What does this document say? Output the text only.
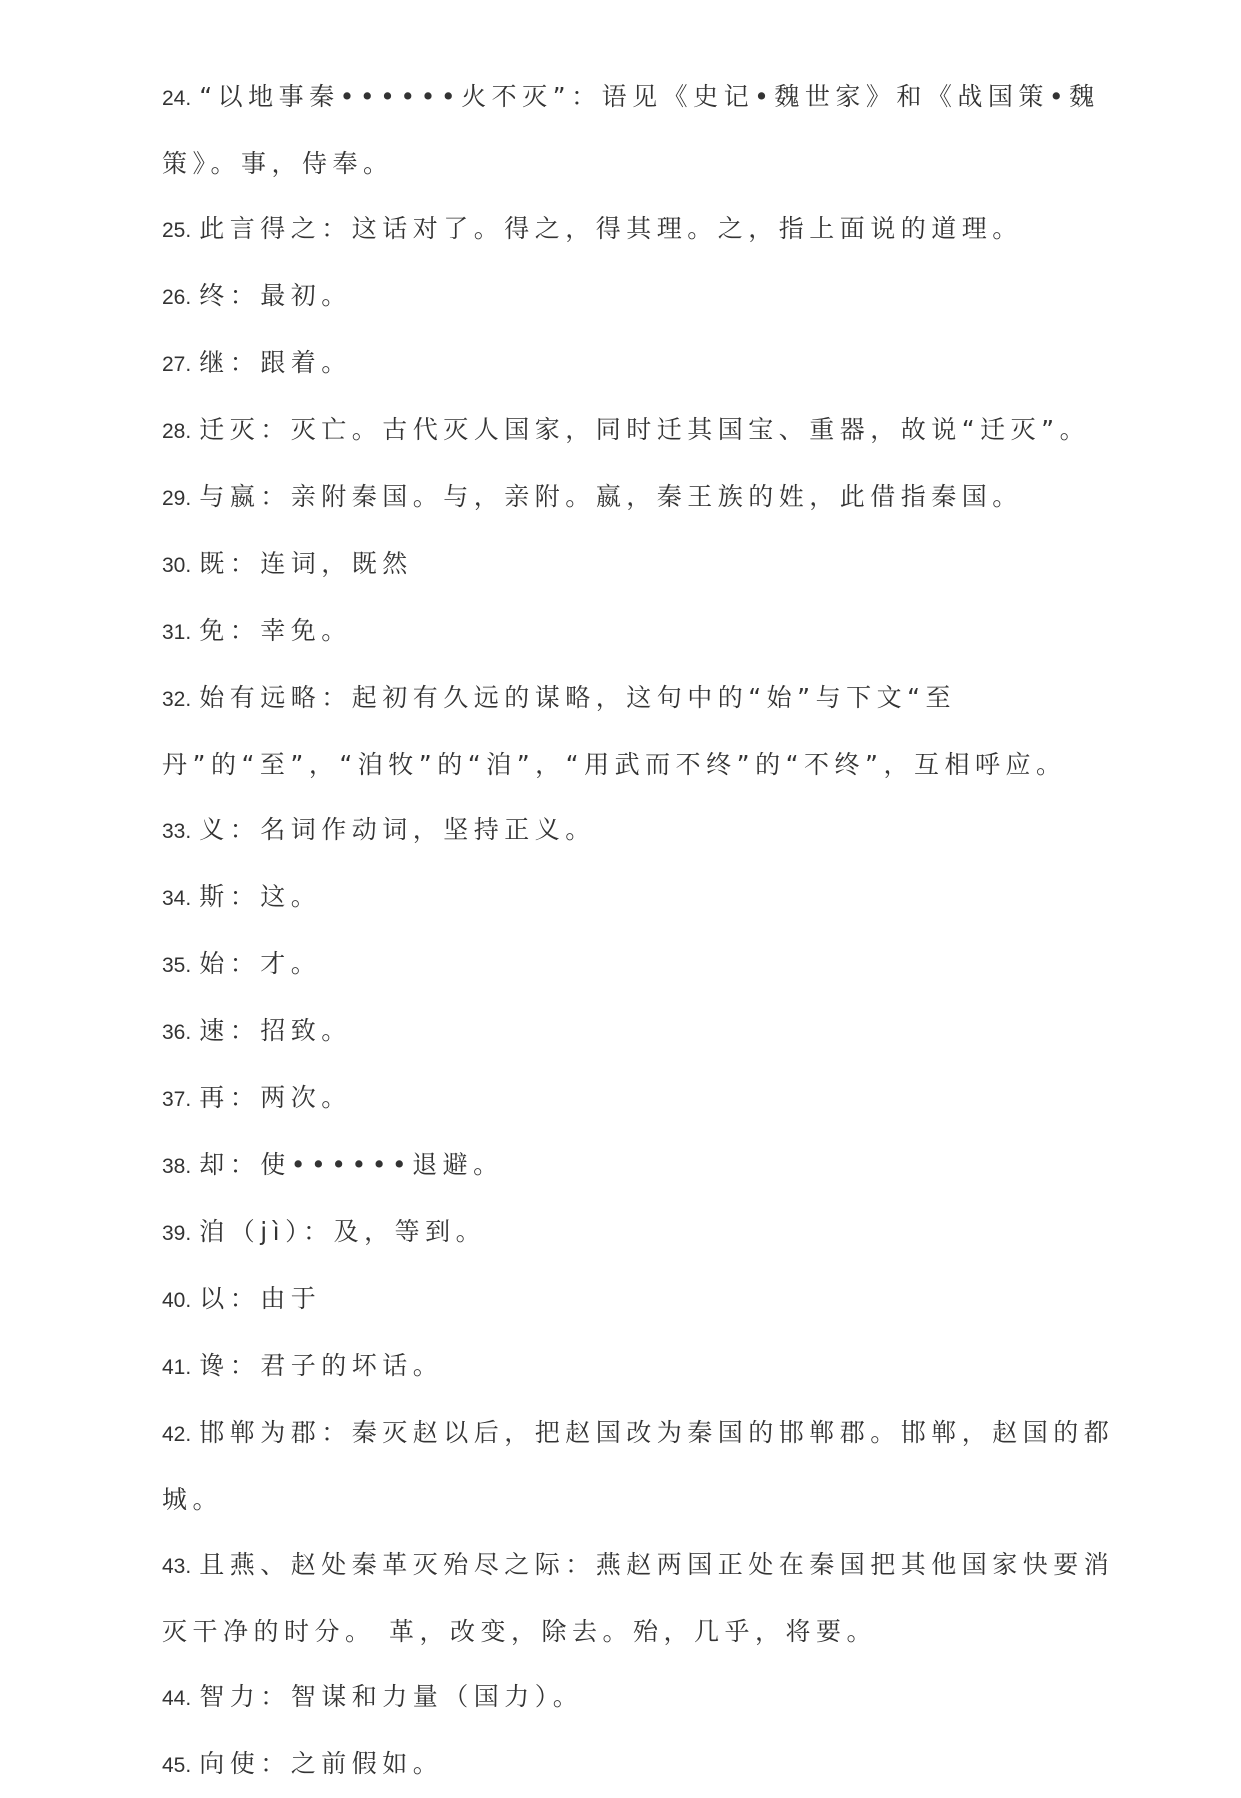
24. “以地事秦••••••火不灭”：语见《史记•魏世家》和《战国策•魏策》。事，侍奉。
25. 此言得之：这话对了。得之，得其理。之，指上面说的道理。
26. 终：最初。
27. 继：跟着。
28. 迁灭：灭亡。古代灭人国家，同时迁其国宝、重器，故说“迁灭”。
29. 与嬴：亲附秦国。与，亲附。嬴，秦王族的姓，此借指秦国。
30. 既：连词，既然
31. 免：幸免。
32. 始有远略：起初有久远的谋略，这句中的“始”与下文“至丹”的“至”，“洎牧”的“洎”，“用武而不终”的“不终”，互相呼应。
33. 义：名词作动词，坚持正义。
34. 斯：这。
35. 始：才。
36. 速：招致。
37. 再：两次。
38. 却：使••••••退避。
39. 洎（jì）：及，等到。
40. 以：由于
41. 谗：君子的坏话。
42. 邯郸为郡：秦灭赵以后，把赵国改为秦国的邯郸郡。邯郸，赵国的都城。
43. 且燕、赵处秦革灭殆尽之际：燕赵两国正处在秦国把其他国家快要消灭干净的时分。 革，改变，除去。殆，几乎，将要。
44. 智力：智谋和力量（国力）。
45. 向使：之前假如。
